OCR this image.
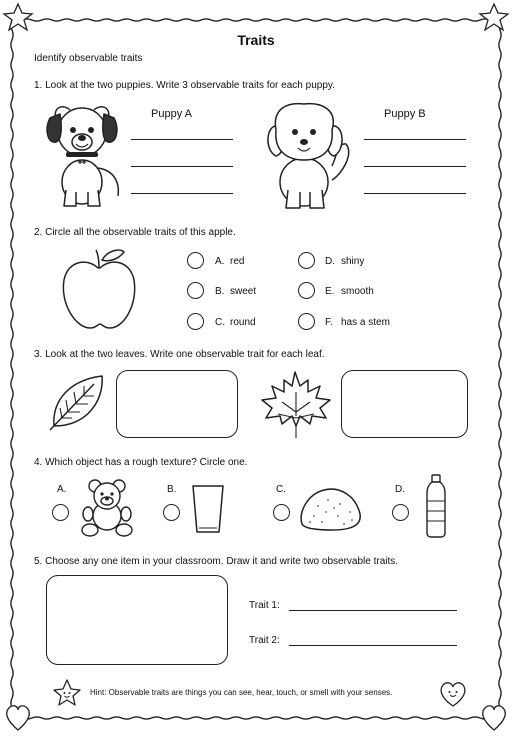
Traits
Identify observable traits
1. Look at the two puppies. Write 3 observable traits for each puppy.
Puppy A	Puppy B
2. Circle all the observable traits of this apple.
A. red
B. sweet
C. round
D. shiny
E. smooth
F. has a stem
3. Look at the two leaves. Write one observable trait for each leaf.
4. Which object has a rough texture? Circle one.
A.	B.	C.	D.
5. Choose any one item in your classroom. Draw it and write two observable traits.
Trait 1:
Trait 2:
Hint: Observable traits are things you can see, hear, touch, or smell with your senses.
